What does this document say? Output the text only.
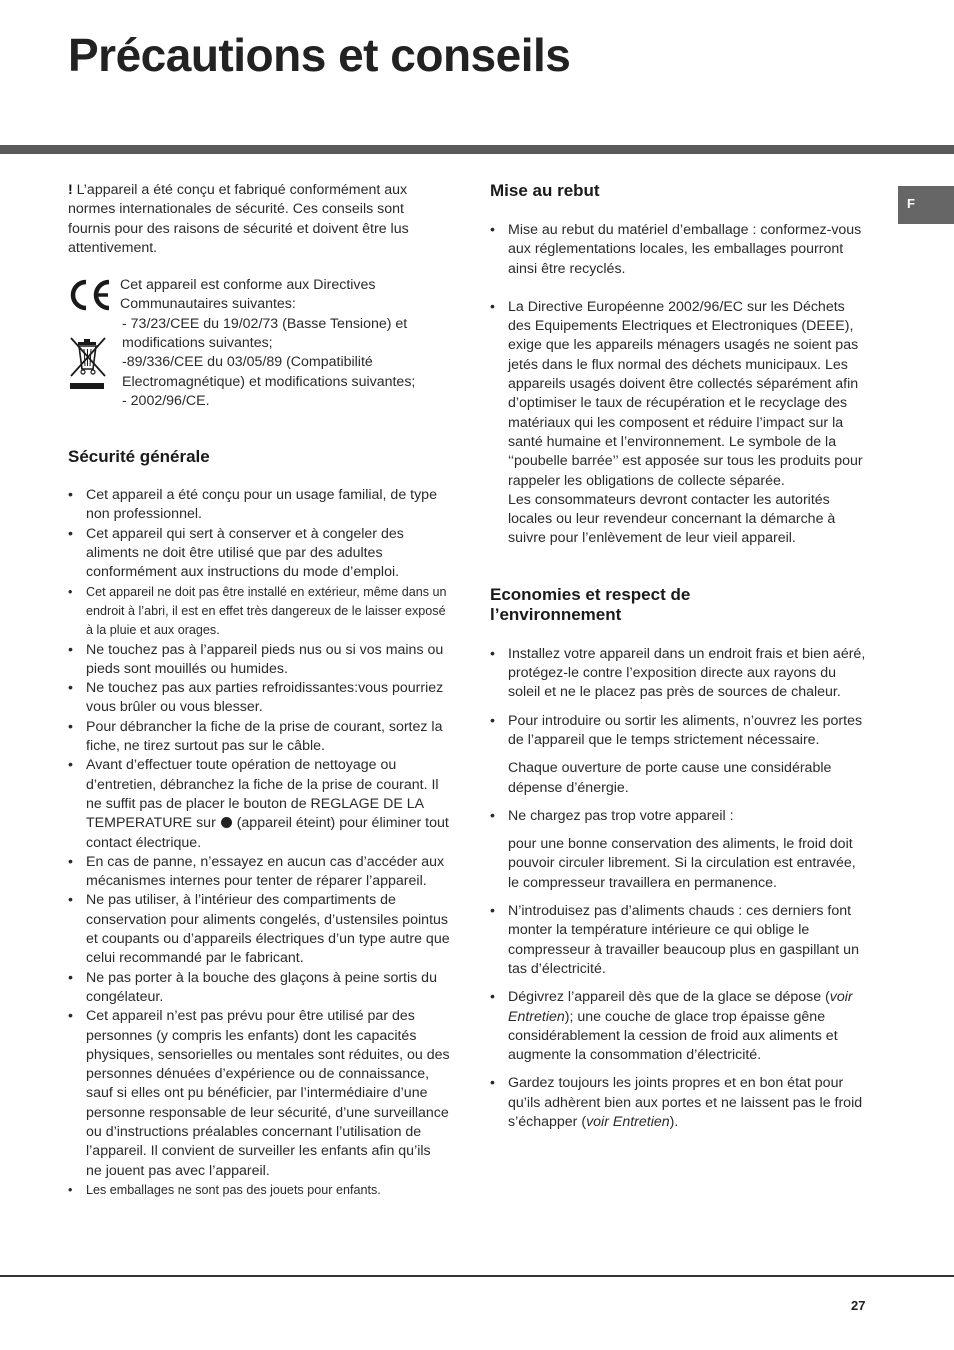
Précautions et conseils
F

! L’appareil a été conçu et fabriqué conformément aux normes internationales de sécurité. Ces conseils sont fournis pour des raisons de sécurité et doivent être lus attentivement.

Cet appareil est conforme aux Directives Communautaires suivantes:

- 73/23/CEE du 19/02/73 (Basse Tensione) et modifications suivantes;

-89/336/CEE du 03/05/89 (Compatibilité Electromagnétique) et modifications suivantes;

- 2002/96/CE.

Sécurité générale
• Cet appareil a été conçu pour un usage familial, de type non professionnel.
• Cet appareil qui sert à conserver et à congeler des aliments ne doit être utilisé que par des adultes conformément aux instructions du mode d’emploi.
• Cet appareil ne doit pas être installé en extérieur, même dans un endroit à l’abri, il est en effet très dangereux de le laisser exposé à la pluie et aux orages.
• Ne touchez pas à l’appareil pieds nus ou si vos mains ou pieds sont mouillés ou humides.
• Ne touchez pas aux parties refroidissantes:vous pourriez vous brûler ou vous blesser.
• Pour débrancher la fiche de la prise de courant, sortez la fiche, ne tirez surtout pas sur le câble.
• Avant d’effectuer toute opération de nettoyage ou d’entretien, débranchez la fiche de la prise de courant. Il ne suffit pas de placer le bouton de REGLAGE DE LA TEMPERATURE sur  (appareil éteint) pour éliminer tout contact électrique.
• En cas de panne, n’essayez en aucun cas d’accéder aux mécanismes internes pour tenter de réparer l’appareil.
• Ne pas utiliser, à l’intérieur des compartiments de conservation pour aliments congelés, d’ustensiles pointus et coupants ou d’appareils électriques d’un type autre que celui recommandé par le fabricant.
• Ne pas porter à la bouche des glaçons à peine sortis du congélateur.
• Cet appareil n’est pas prévu pour être utilisé par des personnes (y compris les enfants) dont les capacités physiques, sensorielles ou mentales sont réduites, ou des personnes dénuées d’expérience ou de connaissance, sauf si elles ont pu bénéficier, par l’intermédiaire d’une personne responsable de leur sécurité, d’une surveillance ou d’instructions préalables concernant l’utilisation de l’appareil. Il convient de surveiller les enfants afin qu’ils ne jouent pas avec l’appareil.
• Les emballages ne sont pas des jouets pour enfants.
Mise au rebut
• Mise au rebut du matériel d’emballage : conformez-vous aux réglementations locales, les emballages pourront ainsi être recyclés.
• La Directive Européenne 2002/96/EC sur les Déchets des Equipements Electriques et Electroniques (DEEE), exige que les appareils ménagers usagés ne soient pas jetés dans le flux normal des déchets municipaux. Les appareils usagés doivent être collectés séparément afin d’optimiser le taux de récupération et le recyclage des matériaux qui les composent et réduire l’impact sur la santé humaine et l’environnement. Le symbole de la ‘‘poubelle barrée’’ est apposée sur tous les produits pour rappeler les obligations de collecte séparée.
Les consommateurs devront contacter les autorités locales ou leur revendeur concernant la démarche à suivre pour l’enlèvement de leur vieil appareil.
Economies et respect de
l’environnement
• Installez votre appareil dans un endroit frais et bien aéré, protégez-le contre l’exposition directe aux rayons du soleil et ne le placez pas près de sources de chaleur.
• Pour introduire ou sortir les aliments, n’ouvrez les portes de l’appareil que le temps strictement nécessaire.

Chaque ouverture de porte cause une considérable dépense d’énergie.

• Ne chargez pas trop votre appareil :

pour une bonne conservation des aliments, le froid doit pouvoir circuler librement. Si la circulation est entravée, le compresseur travaillera en permanence.

• N’introduisez pas d’aliments chauds : ces derniers font monter la température intérieure ce qui oblige le compresseur à travailler beaucoup plus en gaspillant un tas d’électricité.
• Dégivrez l’appareil dès que de la glace se dépose (voir Entretien); une couche de glace trop épaisse gêne considérablement la cession de froid aux aliments et augmente la consommation d’électricité.
• Gardez toujours les joints propres et en bon état pour qu’ils adhèrent bien aux portes et ne laissent pas le froid s’échapper (voir Entretien).
27
